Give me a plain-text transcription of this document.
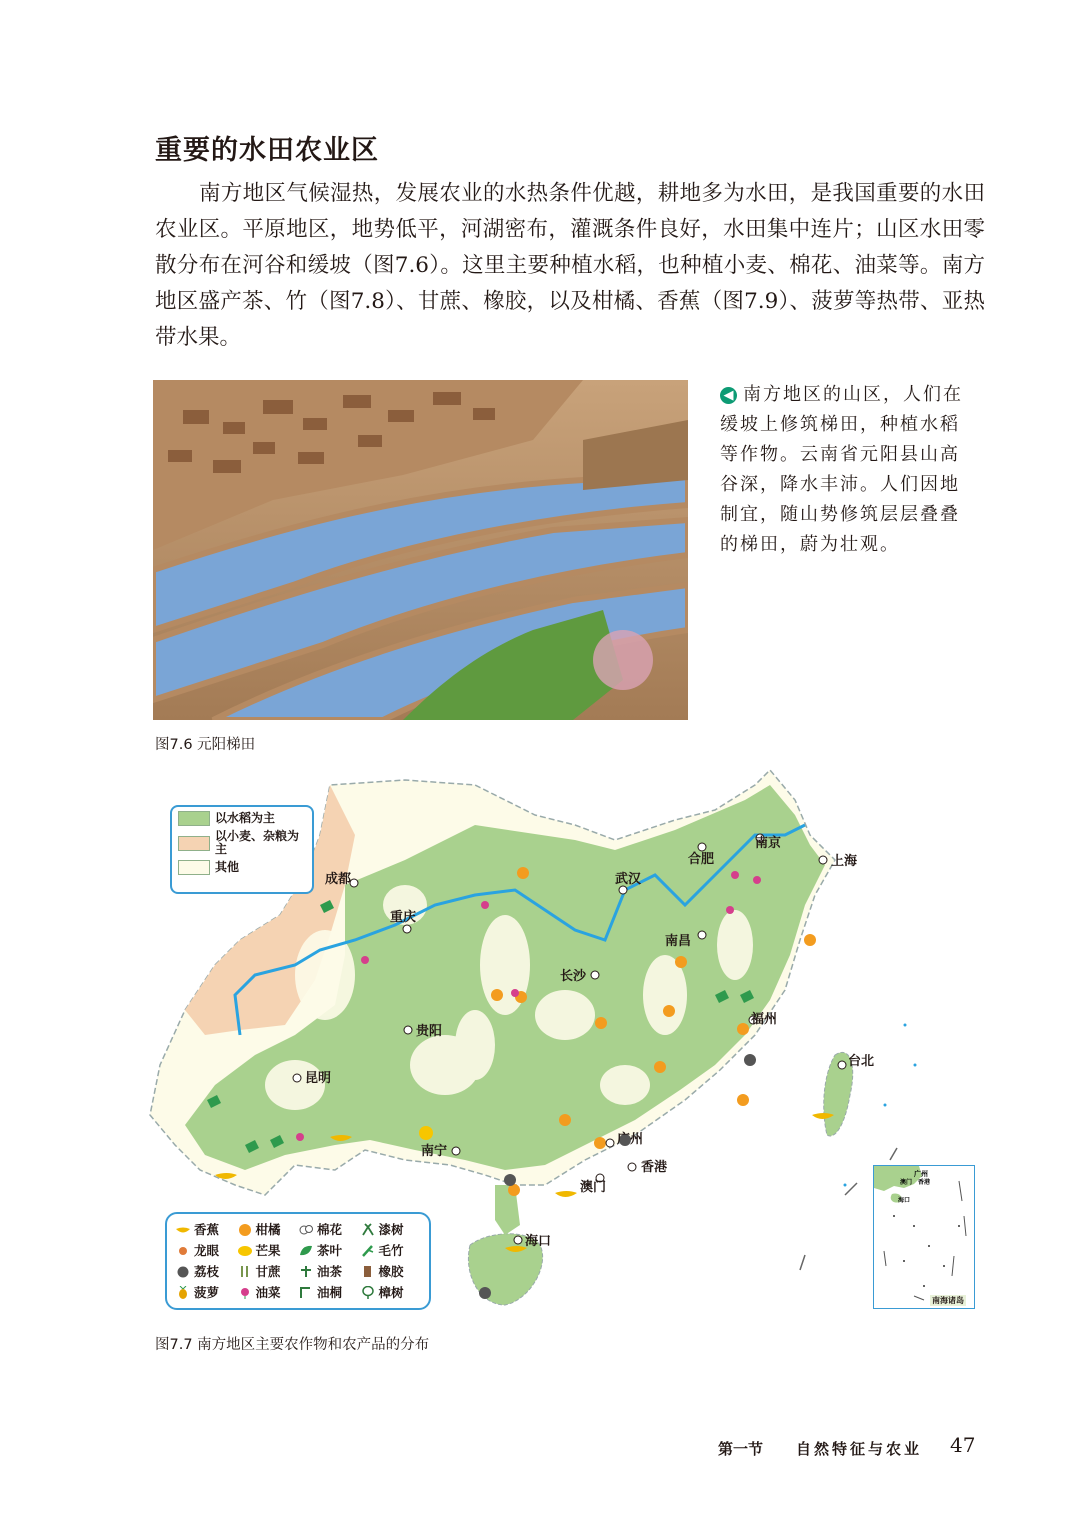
重要的水田农业区

南方地区气候湿热，发展农业的水热条件优越，耕地多为水田，是我国重要的水田农业区。平原地区，地势低平，河湖密布，灌溉条件良好，水田集中连片；山区水田零散分布在河谷和缓坡（图7.6）。这里主要种植水稻，也种植小麦、棉花、油菜等。南方地区盛产茶、竹（图7.8）、甘蔗、橡胶，以及柑橘、香蕉（图7.9）、菠萝等热带、亚热带水果。

◀ 南方地区的山区，人们在缓坡上修筑梯田，种植水稻等作物。云南省元阳县山高谷深，降水丰沛。人们因地制宜，随山势修筑层层叠叠的梯田，蔚为壮观。
图7.6 元阳梯田
成都
重庆
武汉
合肥
南京
上海
南昌
长沙
贵阳
福州
台北
昆明
南宁
广州
香港
澳门
海口
以水稻为主
以小麦、杂粮为主
其他
香蕉	柑橘	棉花	漆树
龙眼	芒果	茶叶	毛竹
荔枝	甘蔗	油茶	橡胶
菠萝	油菜	油桐	樟树
广州
香港
澳门
海口
南海诸岛
图7.7 南方地区主要农作物和农产品的分布
第一节 自然特征与农业 47
